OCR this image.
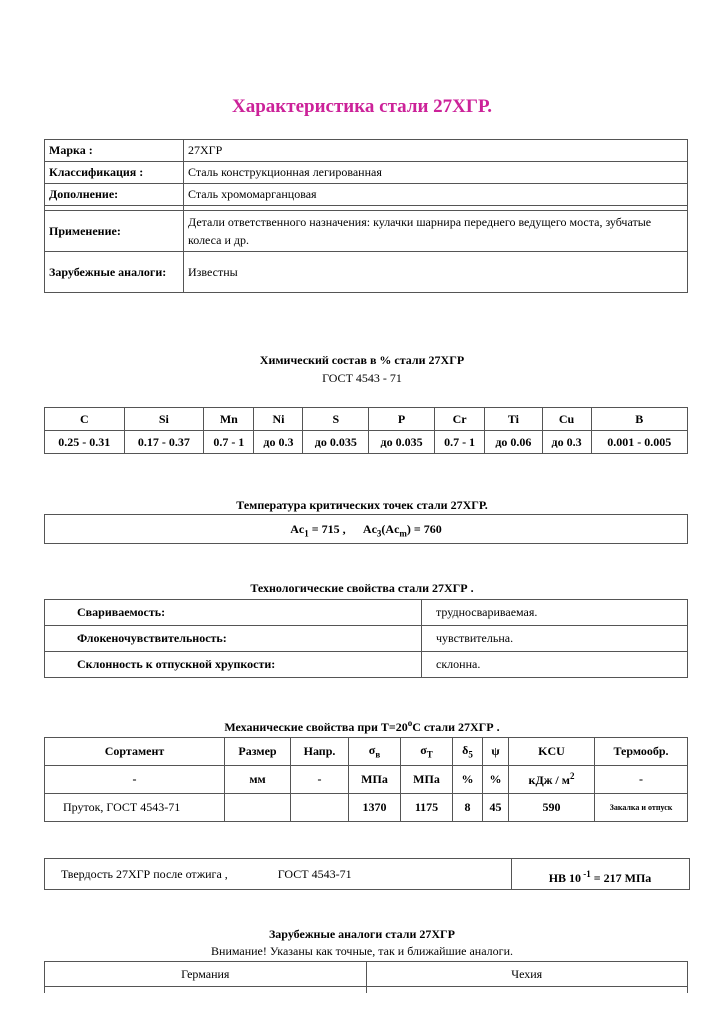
Характеристика стали 27ХГР.
Марка :	27ХГР
Классификация :	Сталь конструкционная легированная
Дополнение:	Сталь хромомарганцовая

Применение:	Детали ответственного назначения: кулачки шарнира переднего ведущего моста, зубчатые колеса и др.
Зарубежные аналоги:	Известны
Химический состав в % стали 27ХГР
ГОСТ 4543 - 71
C	Si	Mn	Ni	S	P	Cr	Ti	Cu	B
0.25 - 0.31	0.17 - 0.37	0.7 - 1	до 0.3	до 0.035	до 0.035	0.7 - 1	до 0.06	до 0.3	0.001 - 0.005
Температура критических точек стали 27ХГР.
$Ac_1 = 715$ , $Ac_3(Ac_m) = 760$
Технологические свойства стали 27ХГР .
Свариваемость:	трудносвариваемая.
Флокеночувствительность:	чувствительна.
Склонность к отпускной хрупкости:	склонна.
Механические свойства при $Т=20^oС$ стали 27ХГР .
Сортамент	Размер	Напр.	$\sigma_в$	$\sigma_T$	$\delta_5$	ψ	KCU	Термообр.
-	мм	-	МПа	МПа	%	%	кДж / $м^2$	-
Пруток, ГОСТ 4543-71			1370	1175	8	45	590	Закалка и отпуск
Твердость 27ХГР после отжига ,	ГОСТ 4543-71	HB 10 $^{-1}$ = 217 МПа
Зарубежные аналоги стали 27ХГР
Внимание! Указаны как точные, так и ближайшие аналоги.
Германия	Чехия
